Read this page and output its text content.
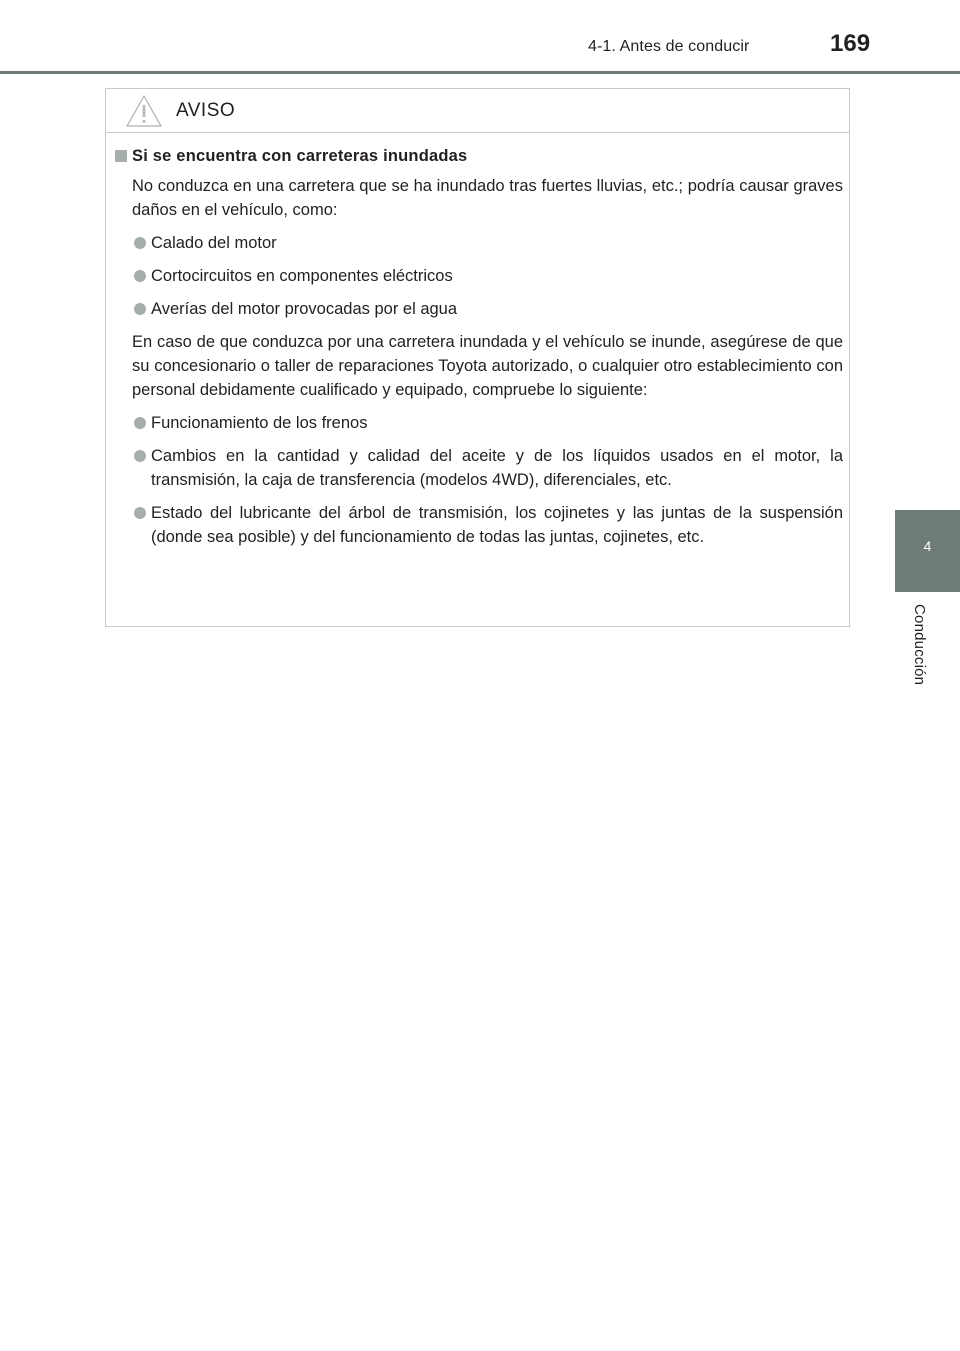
4-1. Antes de conducir	169
4
Conducción
AVISO
Si se encuentra con carreteras inundadas
No conduzca en una carretera que se ha inundado tras fuertes lluvias, etc.; podría causar graves daños en el vehículo, como:
Calado del motor
Cortocircuitos en componentes eléctricos
Averías del motor provocadas por el agua
En caso de que conduzca por una carretera inundada y el vehículo se inunde, asegúrese de que su concesionario o taller de reparaciones Toyota autorizado, o cualquier otro establecimiento con personal debidamente cualificado y equipado, compruebe lo siguiente:
Funcionamiento de los frenos
Cambios en la cantidad y calidad del aceite y de los líquidos usados en el motor, la transmisión, la caja de transferencia (modelos 4WD), diferenciales, etc.
Estado del lubricante del árbol de transmisión, los cojinetes y las juntas de la suspensión (donde sea posible) y del funcionamiento de todas las juntas, cojinetes, etc.
